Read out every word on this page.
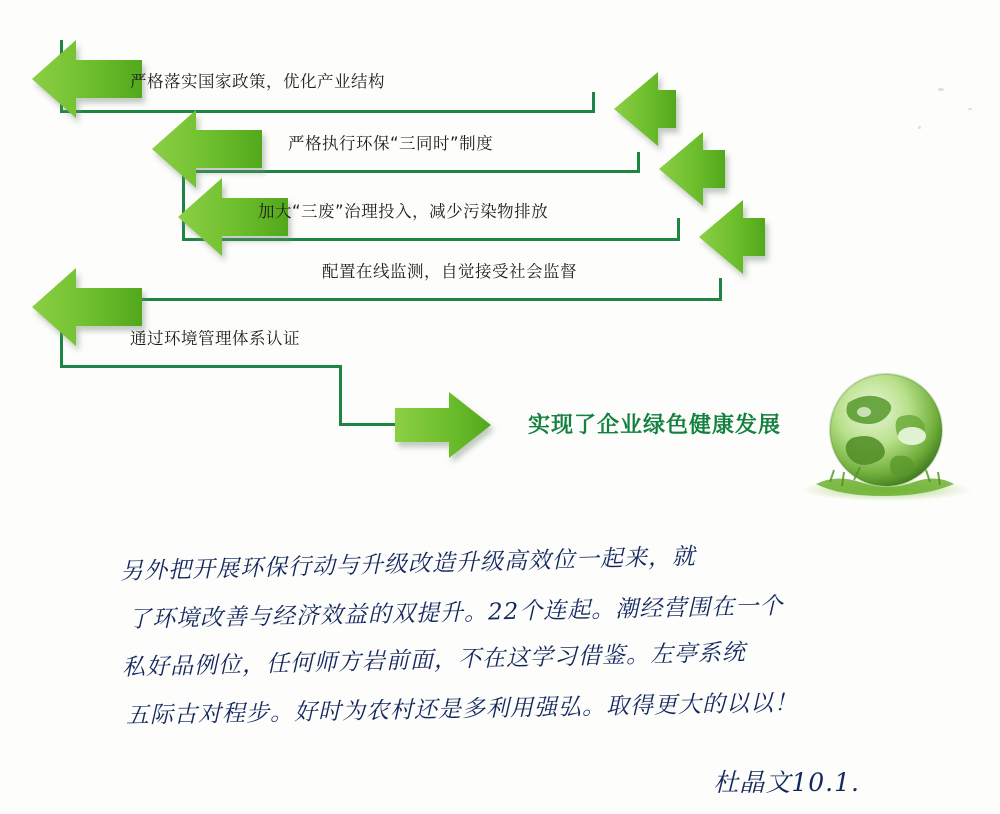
严格落实国家政策，优化产业结构
严格执行环保“三同时”制度
加大“三废”治理投入，减少污染物排放
配置在线监测，自觉接受社会监督
通过环境管理体系认证
实现了企业绿色健康发展
另外把开展环保行动与升级改造升级高效位一起来，就
了环境改善与经济效益的双提升。22个连起。潮经营围在一个
私好品例位，任何师方岩前面，不在这学习借鉴。左亭系统
五际古对程步。好时为农村还是多利用强弘。取得更大的以以！
杜晶文10.1.
